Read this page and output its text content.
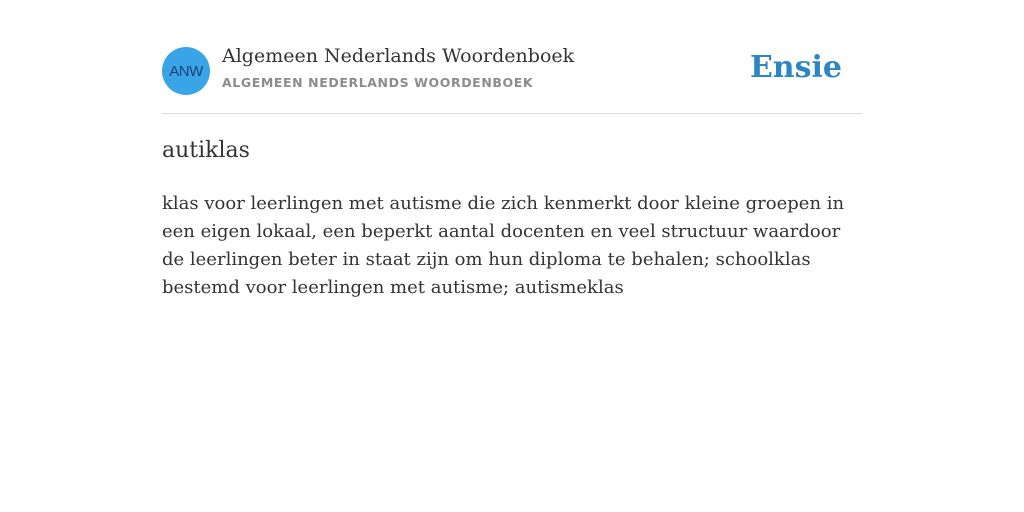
ANW
Algemeen Nederlands Woordenboek
ALGEMEEN NEDERLANDS WOORDENBOEK	Ensie
autiklas

klas voor leerlingen met autisme die zich kenmerkt door kleine groepen in een eigen lokaal, een beperkt aantal docenten en veel structuur waardoor de leerlingen beter in staat zijn om hun diploma te behalen; schoolklas bestemd voor leerlingen met autisme; autismeklas
